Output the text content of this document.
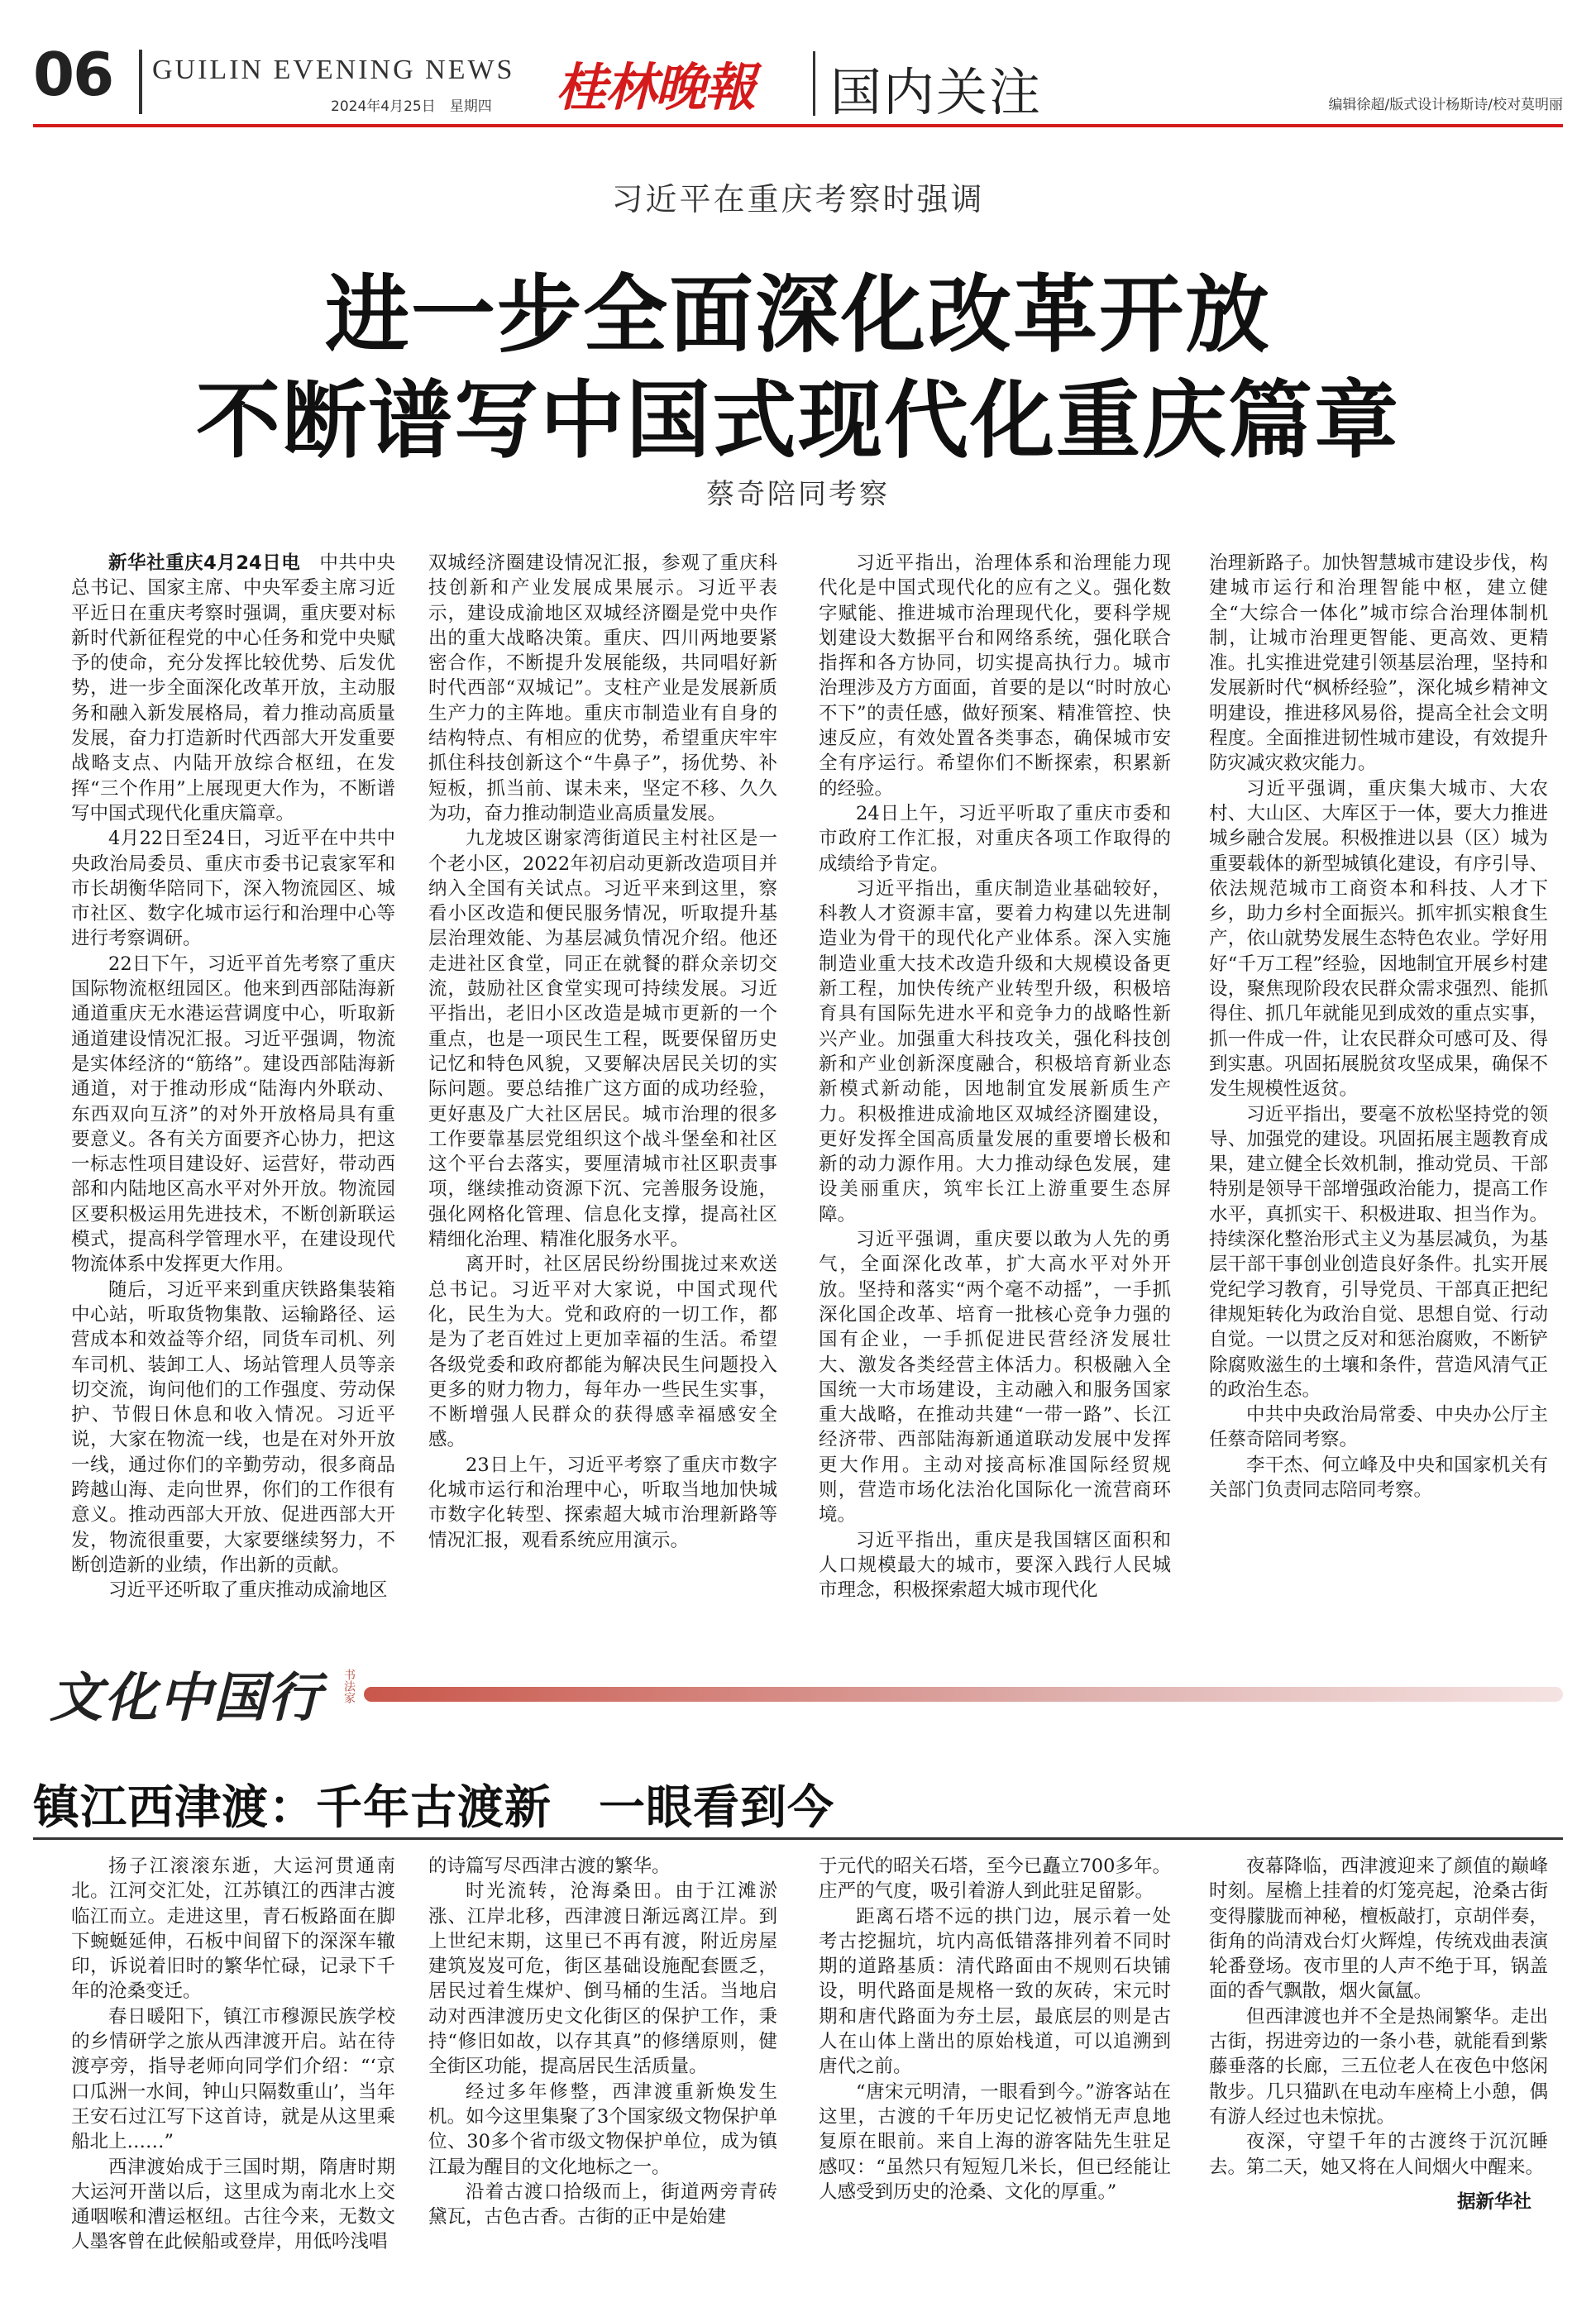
06 GUILIN EVENING NEWS
2024年4月25日　星期四 桂林晚報 国内关注	编辑徐超/版式设计杨斯诗/校对莫明丽
习近平在重庆考察时强调
进一步全面深化改革开放
不断谱写中国式现代化重庆篇章
蔡奇陪同考察

新华社重庆4月24日电　 中共中央总书记、国家主席、中央军委主席习近平近日在重庆考察时强调，重庆要对标新时代新征程党的中心任务和党中央赋予的使命，充分发挥比较优势、后发优势，进一步全面深化改革开放，主动服务和融入新发展格局，着力推动高质量发展，奋力打造新时代西部大开发重要战略支点、内陆开放综合枢纽，在发挥“三个作用”上展现更大作为，不断谱写中国式现代化重庆篇章。

4月22日至24日，习近平在中共中央政治局委员、重庆市委书记袁家军和市长胡衡华陪同下，深入物流园区、城市社区、数字化城市运行和治理中心等进行考察调研。

22日下午，习近平首先考察了重庆国际物流枢纽园区。他来到西部陆海新通道重庆无水港运营调度中心，听取新通道建设情况汇报。习近平强调，物流是实体经济的“筋络”。建设西部陆海新通道，对于推动形成“陆海内外联动、东西双向互济”的对外开放格局具有重要意义。各有关方面要齐心协力，把这一标志性项目建设好、运营好，带动西部和内陆地区高水平对外开放。物流园区要积极运用先进技术，不断创新联运模式，提高科学管理水平，在建设现代物流体系中发挥更大作用。

随后，习近平来到重庆铁路集装箱中心站，听取货物集散、运输路径、运营成本和效益等介绍，同货车司机、列车司机、装卸工人、场站管理人员等亲切交流，询问他们的工作强度、劳动保护、节假日休息和收入情况。习近平说，大家在物流一线，也是在对外开放一线，通过你们的辛勤劳动，很多商品跨越山海、走向世界，你们的工作很有意义。推动西部大开放、促进西部大开发，物流很重要，大家要继续努力，不断创造新的业绩，作出新的贡献。

习近平还听取了重庆推动成渝地区

双城经济圈建设情况汇报，参观了重庆科技创新和产业发展成果展示。习近平表示，建设成渝地区双城经济圈是党中央作出的重大战略决策。重庆、四川两地要紧密合作，不断提升发展能级，共同唱好新时代西部“双城记”。支柱产业是发展新质生产力的主阵地。重庆市制造业有自身的结构特点、有相应的优势，希望重庆牢牢抓住科技创新这个“牛鼻子”，扬优势、补短板，抓当前、谋未来，坚定不移、久久为功，奋力推动制造业高质量发展。

九龙坡区谢家湾街道民主村社区是一个老小区，2022年初启动更新改造项目并纳入全国有关试点。习近平来到这里，察看小区改造和便民服务情况，听取提升基层治理效能、为基层减负情况介绍。他还走进社区食堂，同正在就餐的群众亲切交流，鼓励社区食堂实现可持续发展。习近平指出，老旧小区改造是城市更新的一个重点，也是一项民生工程，既要保留历史记忆和特色风貌，又要解决居民关切的实际问题。要总结推广这方面的成功经验，更好惠及广大社区居民。城市治理的很多工作要靠基层党组织这个战斗堡垒和社区这个平台去落实，要厘清城市社区职责事项，继续推动资源下沉、完善服务设施，强化网格化管理、信息化支撑，提高社区精细化治理、精准化服务水平。

离开时，社区居民纷纷围拢过来欢送总书记。习近平对大家说，中国式现代化，民生为大。党和政府的一切工作，都是为了老百姓过上更加幸福的生活。希望各级党委和政府都能为解决民生问题投入更多的财力物力，每年办一些民生实事，不断增强人民群众的获得感幸福感安全感。

23日上午，习近平考察了重庆市数字化城市运行和治理中心，听取当地加快城市数字化转型、探索超大城市治理新路等情况汇报，观看系统应用演示。

习近平指出，治理体系和治理能力现代化是中国式现代化的应有之义。强化数字赋能、推进城市治理现代化，要科学规划建设大数据平台和网络系统，强化联合指挥和各方协同，切实提高执行力。城市治理涉及方方面面，首要的是以“时时放心不下”的责任感，做好预案、精准管控、快速反应，有效处置各类事态，确保城市安全有序运行。希望你们不断探索，积累新的经验。

24日上午，习近平听取了重庆市委和市政府工作汇报，对重庆各项工作取得的成绩给予肯定。

习近平指出，重庆制造业基础较好，科教人才资源丰富，要着力构建以先进制造业为骨干的现代化产业体系。深入实施制造业重大技术改造升级和大规模设备更新工程，加快传统产业转型升级，积极培育具有国际先进水平和竞争力的战略性新兴产业。加强重大科技攻关，强化科技创新和产业创新深度融合，积极培育新业态新模式新动能，因地制宜发展新质生产力。积极推进成渝地区双城经济圈建设，更好发挥全国高质量发展的重要增长极和新的动力源作用。大力推动绿色发展，建设美丽重庆，筑牢长江上游重要生态屏障。

习近平强调，重庆要以敢为人先的勇气，全面深化改革，扩大高水平对外开放。坚持和落实“两个毫不动摇”，一手抓深化国企改革、培育一批核心竞争力强的国有企业，一手抓促进民营经济发展壮大、激发各类经营主体活力。积极融入全国统一大市场建设，主动融入和服务国家重大战略，在推动共建“一带一路”、长江经济带、西部陆海新通道联动发展中发挥更大作用。主动对接高标准国际经贸规则，营造市场化法治化国际化一流营商环境。

习近平指出，重庆是我国辖区面积和人口规模最大的城市，要深入践行人民城市理念，积极探索超大城市现代化

治理新路子。加快智慧城市建设步伐，构建城市运行和治理智能中枢，建立健全“大综合一体化”城市综合治理体制机制，让城市治理更智能、更高效、更精准。扎实推进党建引领基层治理，坚持和发展新时代“枫桥经验”，深化城乡精神文明建设，推进移风易俗，提高全社会文明程度。全面推进韧性城市建设，有效提升防灾减灾救灾能力。

习近平强调，重庆集大城市、大农村、大山区、大库区于一体，要大力推进城乡融合发展。积极推进以县（区）城为重要载体的新型城镇化建设，有序引导、依法规范城市工商资本和科技、人才下乡，助力乡村全面振兴。抓牢抓实粮食生产，依山就势发展生态特色农业。学好用好“千万工程”经验，因地制宜开展乡村建设，聚焦现阶段农民群众需求强烈、能抓得住、抓几年就能见到成效的重点实事，抓一件成一件，让农民群众可感可及、得到实惠。巩固拓展脱贫攻坚成果，确保不发生规模性返贫。

习近平指出，要毫不放松坚持党的领导、加强党的建设。巩固拓展主题教育成果，建立健全长效机制，推动党员、干部特别是领导干部增强政治能力，提高工作水平，真抓实干、积极进取、担当作为。持续深化整治形式主义为基层减负，为基层干部干事创业创造良好条件。扎实开展党纪学习教育，引导党员、干部真正把纪律规矩转化为政治自觉、思想自觉、行动自觉。一以贯之反对和惩治腐败，不断铲除腐败滋生的土壤和条件，营造风清气正的政治生态。

中共中央政治局常委、中央办公厅主任蔡奇陪同考察。

李干杰、何立峰及中央和国家机关有关部门负责同志陪同考察。

文化中国行 书法家
镇江西津渡：千年古渡新　一眼看到今

扬子江滚滚东逝，大运河贯通南北。江河交汇处，江苏镇江的西津古渡临江而立。走进这里，青石板路面在脚下蜿蜒延伸，石板中间留下的深深车辙印，诉说着旧时的繁华忙碌，记录下千年的沧桑变迁。

春日暖阳下，镇江市穆源民族学校的乡情研学之旅从西津渡开启。站在待渡亭旁，指导老师向同学们介绍：“‘京口瓜洲一水间，钟山只隔数重山’，当年王安石过江写下这首诗，就是从这里乘船北上……”

西津渡始成于三国时期，隋唐时期大运河开凿以后，这里成为南北水上交通咽喉和漕运枢纽。古往今来，无数文人墨客曾在此候船或登岸，用低吟浅唱

的诗篇写尽西津古渡的繁华。

时光流转，沧海桑田。由于江滩淤涨、江岸北移，西津渡日渐远离江岸。到上世纪末期，这里已不再有渡，附近房屋建筑岌岌可危，街区基础设施配套匮乏，居民过着生煤炉、倒马桶的生活。当地启动对西津渡历史文化街区的保护工作，秉持“修旧如故，以存其真”的修缮原则，健全街区功能，提高居民生活质量。

经过多年修整，西津渡重新焕发生机。如今这里集聚了3个国家级文物保护单位、30多个省市级文物保护单位，成为镇江最为醒目的文化地标之一。

沿着古渡口拾级而上，街道两旁青砖黛瓦，古色古香。古街的正中是始建

于元代的昭关石塔，至今已矗立700多年。庄严的气度，吸引着游人到此驻足留影。

距离石塔不远的拱门边，展示着一处考古挖掘坑，坑内高低错落排列着不同时期的道路基质：清代路面由不规则石块铺设，明代路面是规格一致的灰砖，宋元时期和唐代路面为夯土层，最底层的则是古人在山体上凿出的原始栈道，可以追溯到唐代之前。

“唐宋元明清，一眼看到今。”游客站在这里，古渡的千年历史记忆被悄无声息地复原在眼前。来自上海的游客陆先生驻足感叹：“虽然只有短短几米长，但已经能让人感受到历史的沧桑、文化的厚重。”

夜幕降临，西津渡迎来了颜值的巅峰时刻。屋檐上挂着的灯笼亮起，沧桑古街变得朦胧而神秘，檀板敲打，京胡伴奏，街角的尚清戏台灯火辉煌，传统戏曲表演轮番登场。夜市里的人声不绝于耳，锅盖面的香气飘散，烟火氤氲。

但西津渡也并不全是热闹繁华。走出古街，拐进旁边的一条小巷，就能看到紫藤垂落的长廊，三五位老人在夜色中悠闲散步。几只猫趴在电动车座椅上小憩，偶有游人经过也未惊扰。

夜深，守望千年的古渡终于沉沉睡去。第二天，她又将在人间烟火中醒来。

据新华社
